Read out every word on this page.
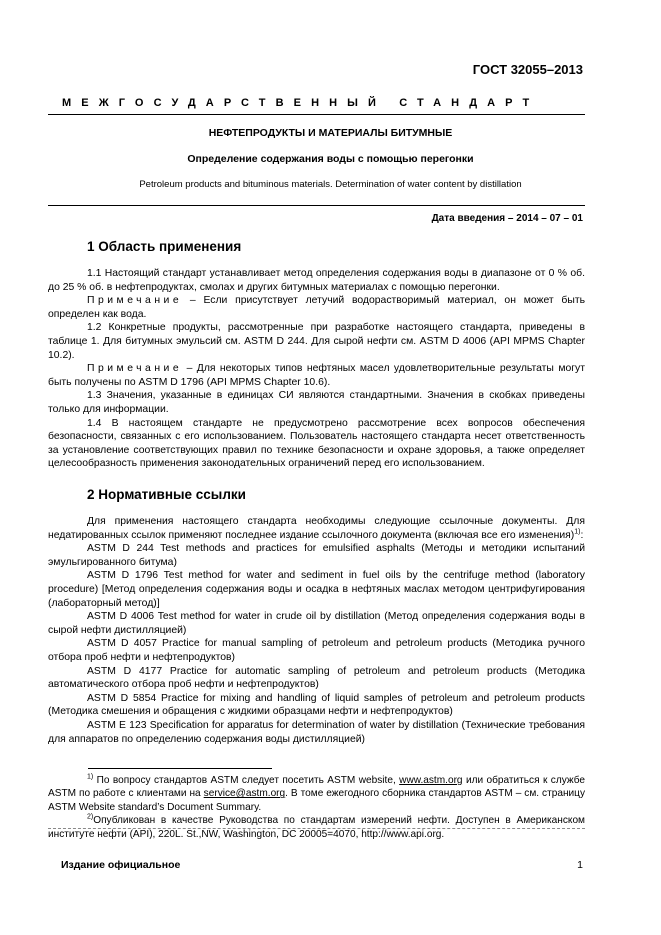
ГОСТ 32055–2013
МЕЖГОСУДАРСТВЕННЫЙ СТАНДАРТ
НЕФТЕПРОДУКТЫ И МАТЕРИАЛЫ БИТУМНЫЕ
Определение содержания воды с помощью перегонки
Petroleum products and bituminous materials. Determination of water content by distillation
Дата введения – 2014 – 07 – 01
1 Область применения

1.1 Настоящий стандарт устанавливает метод определения содержания воды в диапазоне от 0 % об. до 25 % об. в нефтепродуктах, смолах и других битумных материалах с помощью перегонки.

Примечание – Если присутствует летучий водорастворимый материал, он может быть определен как вода.

1.2 Конкретные продукты, рассмотренные при разработке настоящего стандарта, приведены в таблице 1. Для битумных эмульсий см. ASTM D 244. Для сырой нефти см. ASTM D 4006 (API MPMS Chapter 10.2).

Примечание – Для некоторых типов нефтяных масел удовлетворительные результаты могут быть получены по ASTM D 1796 (API MPMS Chapter 10.6).

1.3 Значения, указанные в единицах СИ являются стандартными. Значения в скобках приведены только для информации.

1.4 В настоящем стандарте не предусмотрено рассмотрение всех вопросов обеспечения безопасности, связанных с его использованием. Пользователь настоящего стандарта несет ответственность за установление соответствующих правил по технике безопасности и охране здоровья, а также определяет целесообразность применения законодательных ограничений перед его использованием.

2 Нормативные ссылки

Для применения настоящего стандарта необходимы следующие ссылочные документы. Для недатированных ссылок применяют последнее издание ссылочного документа (включая все его изменения)$^{1)}$:

ASTM D 244 Test methods and practices for emulsified asphalts (Методы и методики испытаний эмульгированного битума)

ASTM D 1796 Test method for water and sediment in fuel oils by the centrifuge method (laboratory procedure) [Метод определения содержания воды и осадка в нефтяных маслах методом центрифугирования (лабораторный метод)]

ASTM D 4006 Test method for water in crude oil by distillation (Метод определения содержания воды в сырой нефти дистилляцией)

ASTM D 4057 Practice for manual sampling of petroleum and petroleum products (Методика ручного отбора проб нефти и нефтепродуктов)

ASTM D 4177 Practice for automatic sampling of petroleum and petroleum products (Методика автоматического отбора проб нефти и нефтепродуктов)

ASTM D 5854 Practice for mixing and handling of liquid samples of petroleum and petroleum products (Методика смешения и обращения с жидкими образцами нефти и нефтепродуктов)

ASTM E 123 Specification for apparatus for determination of water by distillation (Технические требования для аппаратов по определению содержания воды дистилляцией)

$^{1)}$ По вопросу стандартов ASTM следует посетить ASTM website, www.astm.org или обратиться к службе ASTM по работе с клиентами на service@astm.org. В томе ежегодного сборника стандартов ASTM – см. страницу ASTM Website standard’s Document Summary.

$^{2)}$Опубликован в качестве Руководства по стандартам измерений нефти. Доступен в Американском институте нефти (API), 220L. St.,NW, Washington, DC 20005=4070, http://www.api.org.

Издание официальное	1
